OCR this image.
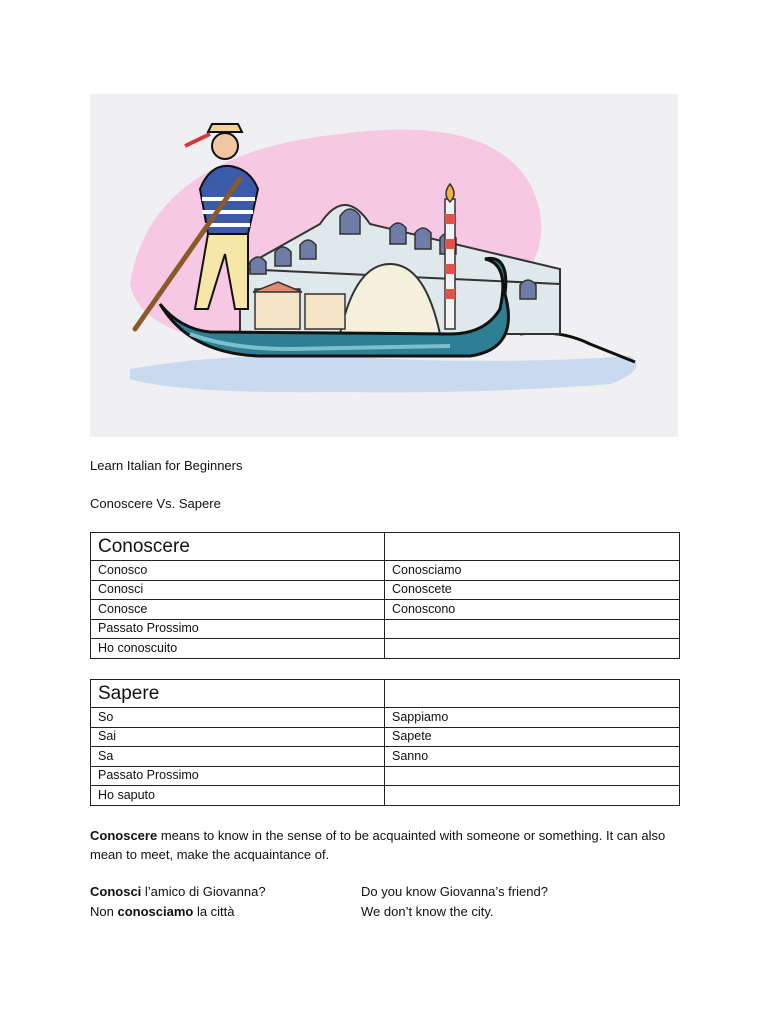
Learn Italian for Beginners
Conoscere Vs. Sapere
Conoscere	
Conosco	Conosciamo
Conosci	Conoscete
Conosce	Conoscono
Passato Prossimo	
Ho conoscuito	
Sapere	
So	Sappiamo
Sai	Sapete
Sa	Sanno
Passato Prossimo	
Ho saputo	
Conoscere means to know in the sense of to be acquainted with someone or something. It can also mean to meet, make the acquaintance of.
Conosci l’amico di Giovanna?	Do you know Giovanna’s friend?
Non conosciamo la città	We don’t know the city.
